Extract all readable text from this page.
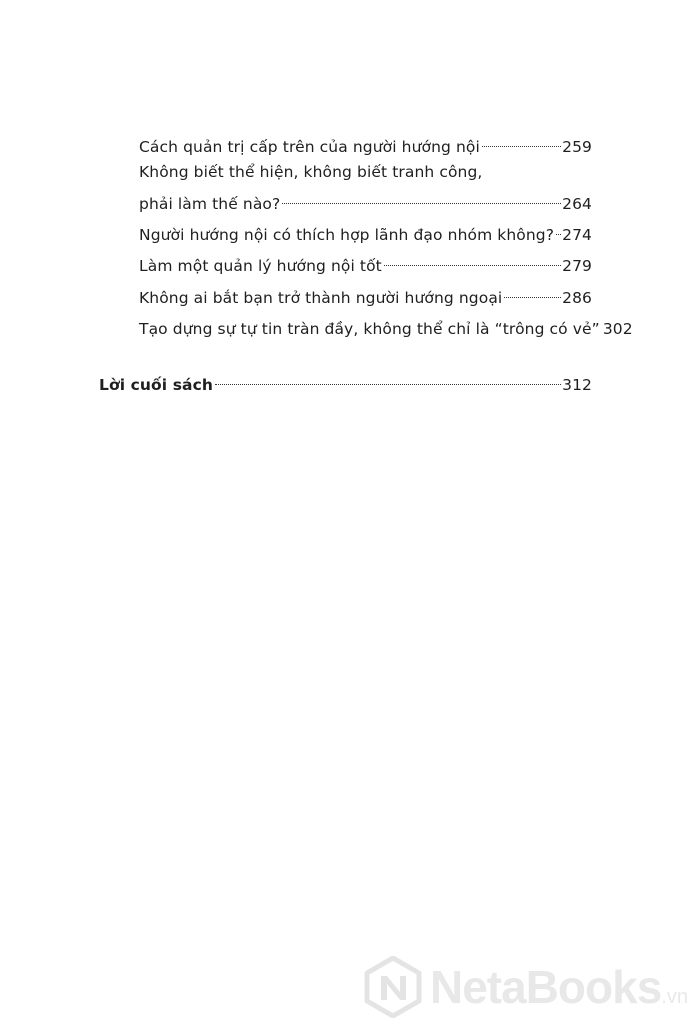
Cách quản trị cấp trên của người hướng nội	259
Không biết thể hiện, không biết tranh công,
phải làm thế nào?	264
Người hướng nội có thích hợp lãnh đạo nhóm không? 274
Làm một quản lý hướng nội tốt	279
Không ai bắt bạn trở thành người hướng ngoại	286
Tạo dựng sự tự tin tràn đầy, không thể chỉ là “trông có vẻ” 302
Lời cuối sách	312
NetaBooks.vn
